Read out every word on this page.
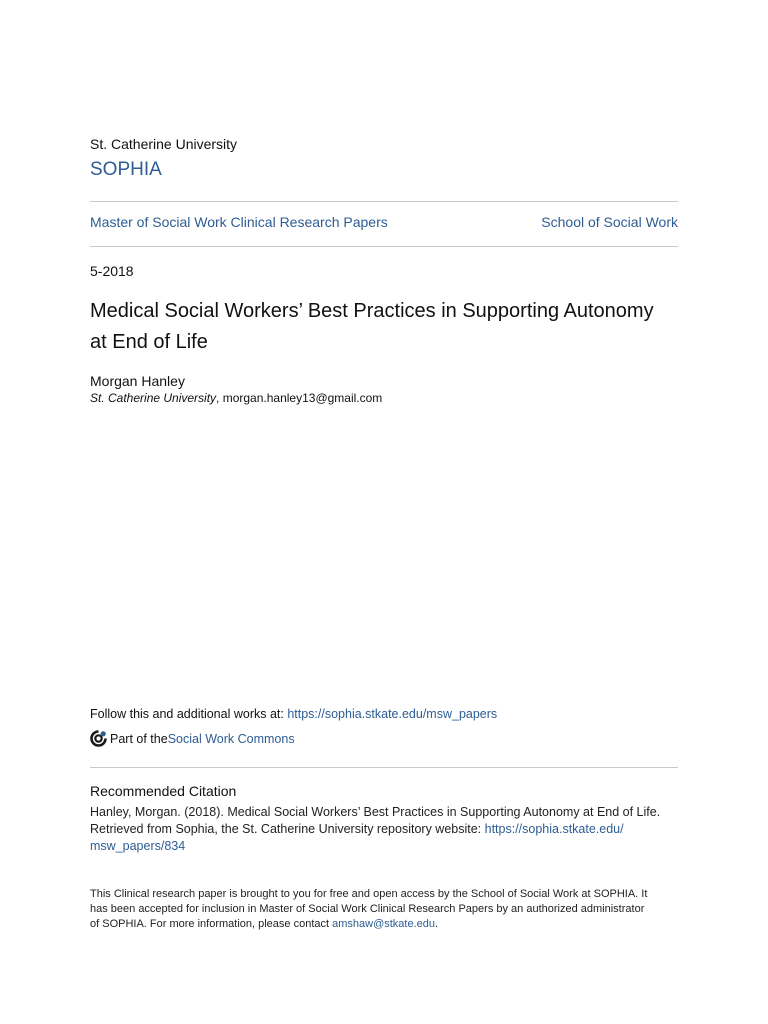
St. Catherine University
SOPHIA
Master of Social Work Clinical Research Papers	School of Social Work
5-2018
Medical Social Workers’ Best Practices in Supporting Autonomy
at End of Life
Morgan Hanley
St. Catherine University, morgan.hanley13@gmail.com
Follow this and additional works at: https://sophia.stkate.edu/msw_papers
Part of the Social Work Commons
Recommended Citation
Hanley, Morgan. (2018). Medical Social Workers’ Best Practices in Supporting Autonomy at End of Life.
Retrieved from Sophia, the St. Catherine University repository website: https://sophia.stkate.edu/
msw_papers/834
This Clinical research paper is brought to you for free and open access by the School of Social Work at SOPHIA. It
has been accepted for inclusion in Master of Social Work Clinical Research Papers by an authorized administrator
of SOPHIA. For more information, please contact amshaw@stkate.edu.
